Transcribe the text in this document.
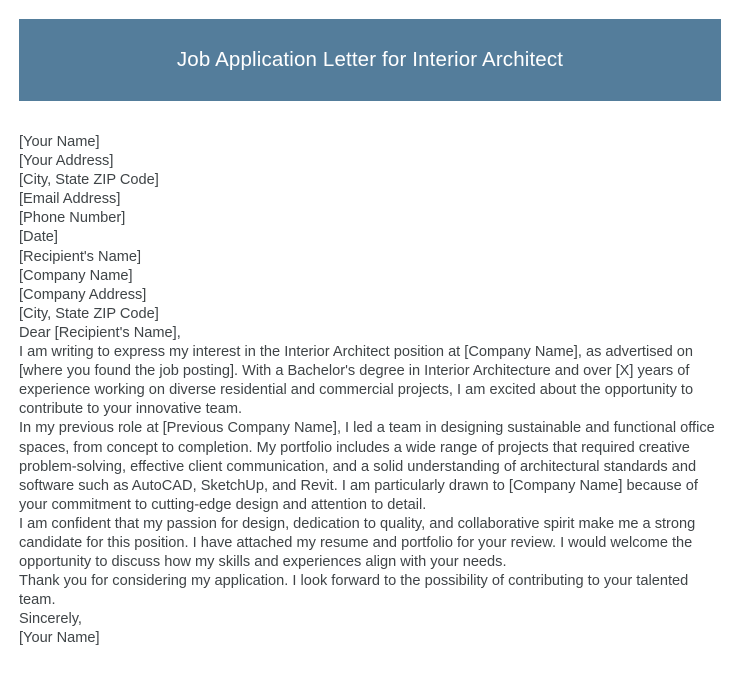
Job Application Letter for Interior Architect
[Your Name]
[Your Address]
[City, State ZIP Code]
[Email Address]
[Phone Number]
[Date]
[Recipient's Name]
[Company Name]
[Company Address]
[City, State ZIP Code]
Dear [Recipient's Name],

I am writing to express my interest in the Interior Architect position at [Company Name], as advertised on [where you found the job posting]. With a Bachelor's degree in Interior Architecture and over [X] years of experience working on diverse residential and commercial projects, I am excited about the opportunity to contribute to your innovative team.

In my previous role at [Previous Company Name], I led a team in designing sustainable and functional office spaces, from concept to completion. My portfolio includes a wide range of projects that required creative problem-solving, effective client communication, and a solid understanding of architectural standards and software such as AutoCAD, SketchUp, and Revit. I am particularly drawn to [Company Name] because of your commitment to cutting-edge design and attention to detail.

I am confident that my passion for design, dedication to quality, and collaborative spirit make me a strong candidate for this position. I have attached my resume and portfolio for your review. I would welcome the opportunity to discuss how my skills and experiences align with your needs.

Thank you for considering my application. I look forward to the possibility of contributing to your talented team.

Sincerely,
[Your Name]
